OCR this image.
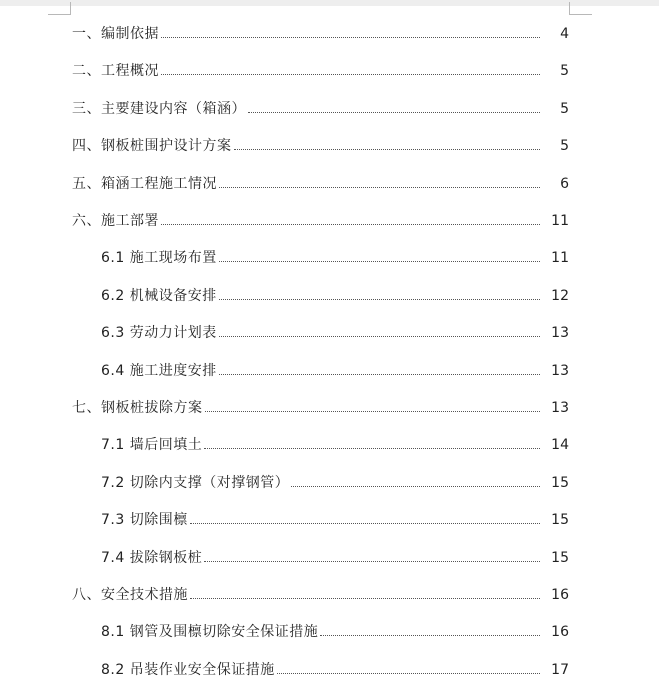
一、编制依据	4
二、工程概况	5
三、主要建设内容（箱涵）	5
四、钢板桩围护设计方案	5
五、箱涵工程施工情况	6
六、施工部署	11
6.1 施工现场布置	11
6.2 机械设备安排	12
6.3 劳动力计划表	13
6.4 施工进度安排	13
七、钢板桩拔除方案	13
7.1 墙后回填土	14
7.2 切除内支撑（对撑钢管）	15
7.3 切除围檩	15
7.4 拔除钢板桩	15
八、安全技术措施	16
8.1 钢管及围檩切除安全保证措施	16
8.2 吊装作业安全保证措施	17
